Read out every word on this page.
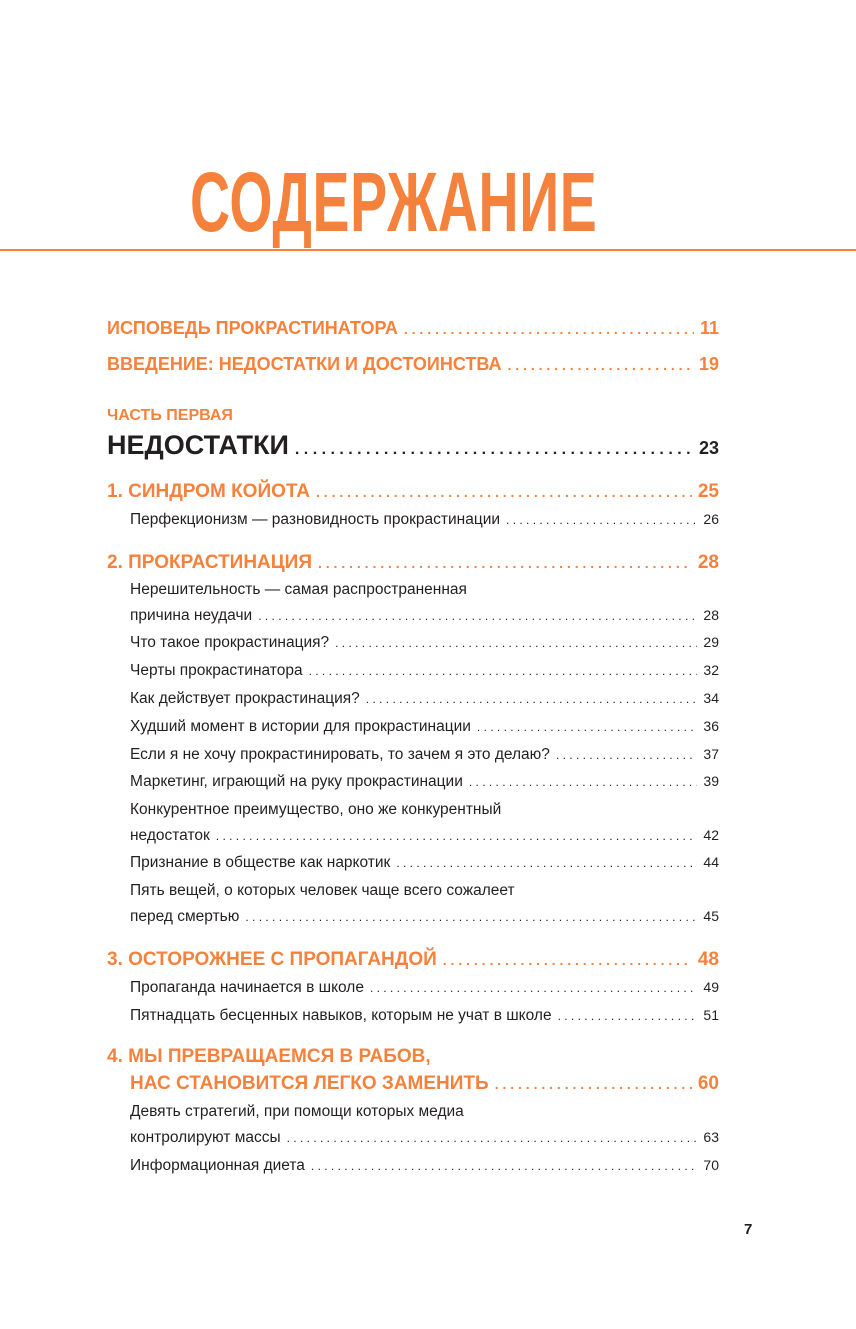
СОДЕРЖАНИЕ
ИСПОВЕДЬ ПРОКРАСТИНАТОРА . . .	11
ВВЕДЕНИЕ: НЕДОСТАТКИ И ДОСТОИНСТВА . . .	19
ЧАСТЬ ПЕРВАЯ
НЕДОСТАТКИ . . .	23
1. СИНДРОМ КОЙОТА . . .	25
Перфекционизм — разновидность прокрастинации . . .	26
2. ПРОКРАСТИНАЦИЯ . . .	28
Нерешительность — самая распространенная
причина неудачи . . .	28
Что такое прокрастинация? . . .	29
Черты прокрастинатора . . .	32
Как действует прокрастинация? . . .	34
Худший момент в истории для прокрастинации . . .	36
Если я не хочу прокрастинировать, то зачем я это делаю? . . .	37
Маркетинг, играющий на руку прокрастинации . . .	39
Конкурентное преимущество, оно же конкурентный
недостаток . . .	42
Признание в обществе как наркотик . . .	44
Пять вещей, о которых человек чаще всего сожалеет
перед смертью . . .	45
3. ОСТОРОЖНЕЕ С ПРОПАГАНДОЙ . . .	48
Пропаганда начинается в школе . . .	49
Пятнадцать бесценных навыков, которым не учат в школе . . .	51
4. МЫ ПРЕВРАЩАЕМСЯ В РАБОВ,
НАС СТАНОВИТСЯ ЛЕГКО ЗАМЕНИТЬ . . .	60
Девять стратегий, при помощи которых медиа
контролируют массы . . .	63
Информационная диета . . .	70
7
